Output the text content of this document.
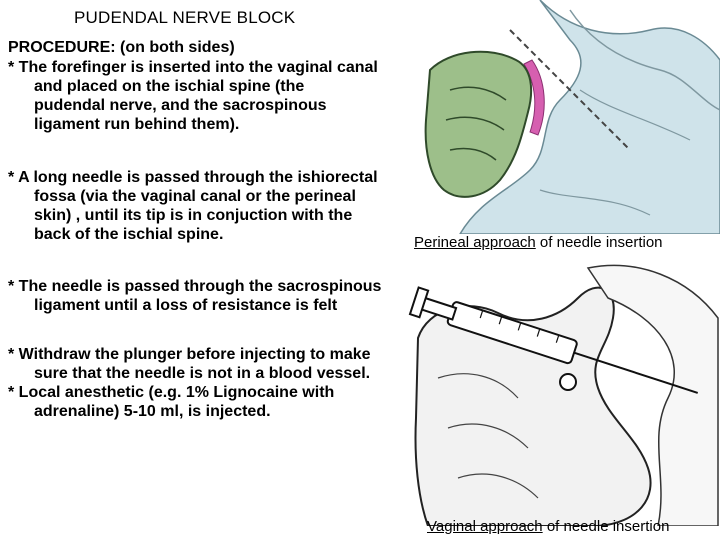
PUDENDAL NERVE BLOCK
PROCEDURE: (on both sides)
* The forefinger is inserted into the vaginal canal
and placed on the ischial spine (the
pudendal nerve, and the sacrospinous
ligament run behind them).
* A long needle is passed through the ishiorectal
fossa (via the vaginal canal or the perineal
skin) , until its tip is in conjuction with the
back of the ischial spine.
* The needle is passed through the sacrospinous
ligament until a loss of resistance is felt
* Withdraw the plunger before injecting to make
sure that the needle is not in a blood vessel.
* Local anesthetic (e.g. 1% Lignocaine with
adrenaline) 5-10 ml, is injected.
Perineal approach of needle insertion
Vaginal approach of needle insertion
